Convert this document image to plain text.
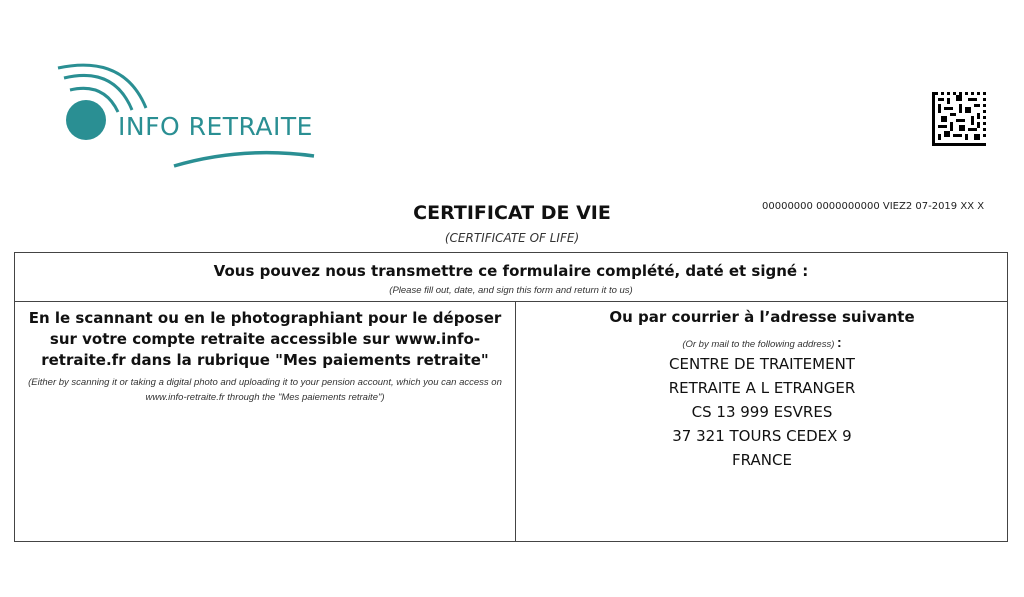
INFO RETRAITE
00000000 0000000000 VIEZ2 07-2019 XX X
CERTIFICAT DE VIE
(CERTIFICATE OF LIFE)
Vous pouvez nous transmettre ce formulaire complété, daté et signé :
(Please fill out, date, and sign this form and return it to us)
En le scannant ou en le photographiant pour le déposer sur votre compte retraite accessible sur www.info-retraite.fr dans la rubrique "Mes paiements retraite"
(Either by scanning it or taking a digital photo and uploading it to your pension account, which you can access on www.info-retraite.fr through the "Mes paiements retraite")
Ou par courrier à l’adresse suivante
(Or by mail to the following address) :
CENTRE DE TRAITEMENT
RETRAITE A L ETRANGER
CS 13 999 ESVRES
37 321 TOURS CEDEX 9
FRANCE
